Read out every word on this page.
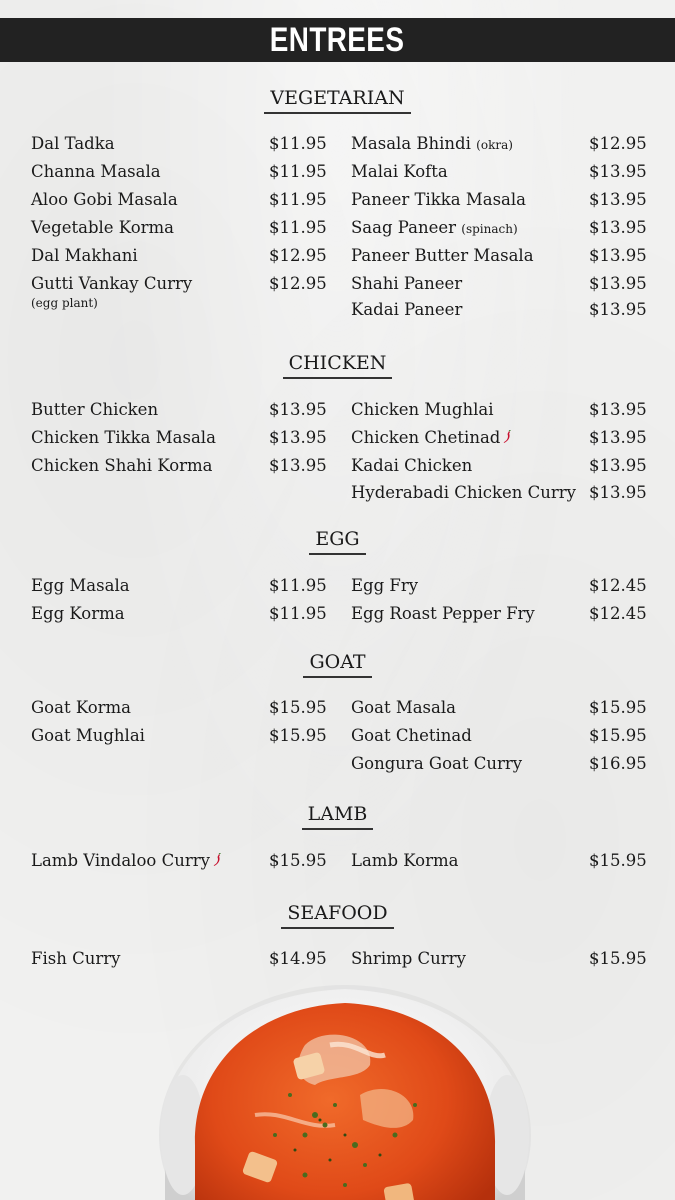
ENTREES
VEGETARIAN
Dal Tadka	$11.95
Channa Masala	$11.95
Aloo Gobi Masala	$11.95
Vegetable Korma	$11.95
Dal Makhani	$12.95
Gutti Vankay Curry	$12.95
(egg plant)
Masala Bhindi (okra)	$12.95
Malai Kofta	$13.95
Paneer Tikka Masala	$13.95
Saag Paneer (spinach)	$13.95
Paneer Butter Masala	$13.95
Shahi Paneer	$13.95
Kadai Paneer	$13.95
CHICKEN
Butter Chicken	$13.95
Chicken Tikka Masala	$13.95
Chicken Shahi Korma	$13.95
Chicken Mughlai	$13.95
Chicken Chetinad	$13.95
Kadai Chicken	$13.95
Hyderabadi Chicken Curry $13.95
EGG
Egg Masala	$11.95
Egg Korma	$11.95
Egg Fry	$12.45
Egg Roast Pepper Fry	$12.45
GOAT
Goat Korma	$15.95
Goat Mughlai	$15.95
Goat Masala	$15.95
Goat Chetinad	$15.95
Gongura Goat Curry	$16.95
LAMB
Lamb Vindaloo Curry	$15.95 Lamb Korma	$15.95
SEAFOOD
Fish Curry	$14.95 Shrimp Curry	$15.95
